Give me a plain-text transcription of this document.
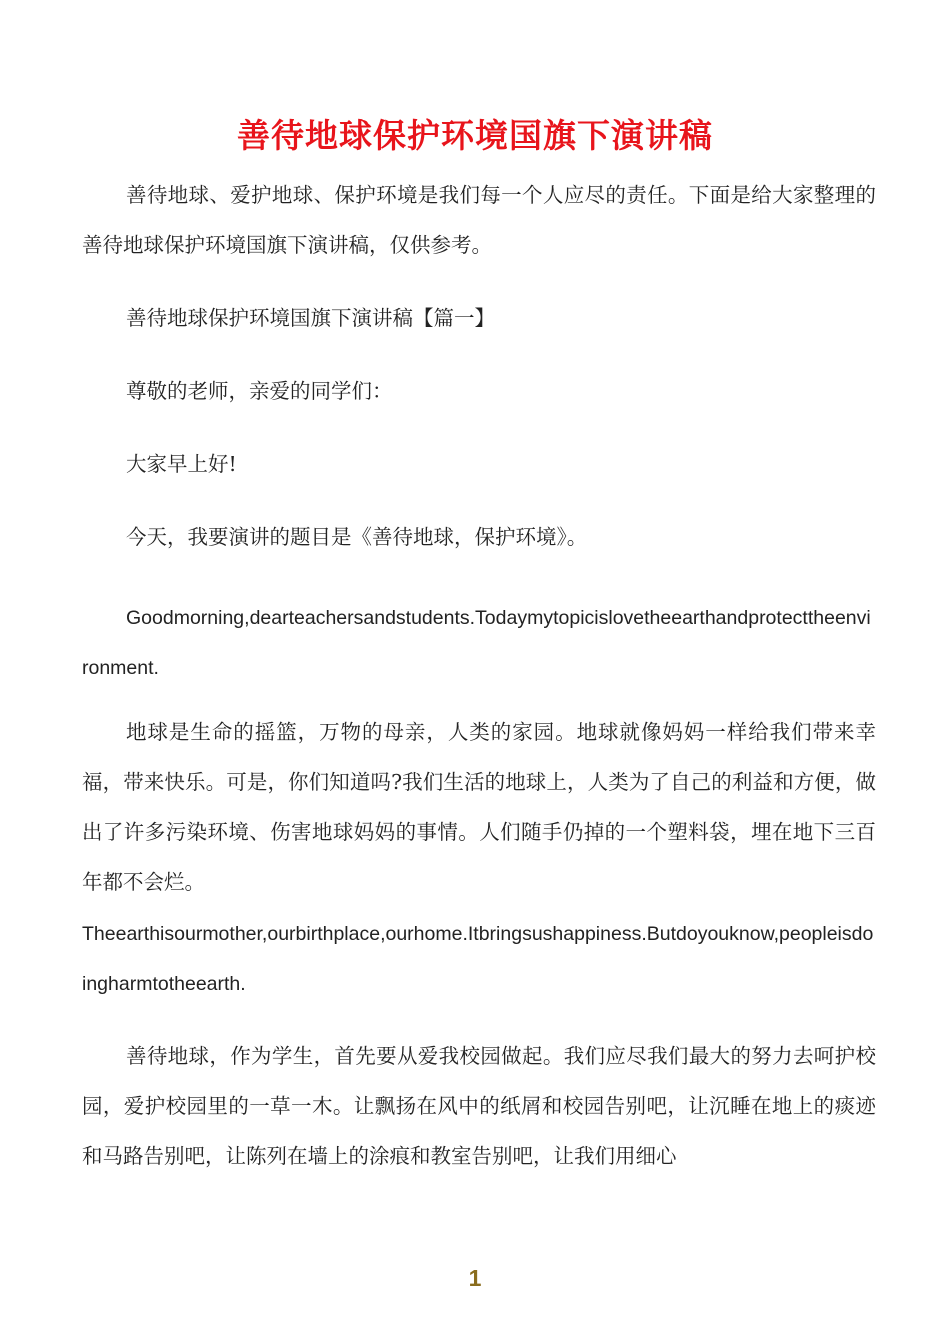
善待地球保护环境国旗下演讲稿

善待地球、爱护地球、保护环境是我们每一个人应尽的责任。下面是给大家整理的善待地球保护环境国旗下演讲稿，仅供参考。

善待地球保护环境国旗下演讲稿【篇一】

尊敬的老师，亲爱的同学们：

大家早上好!

今天，我要演讲的题目是《善待地球，保护环境》。

Goodmorning,dearteachersandstudents.Todaymytopicisloveth​eearthandprotecttheenvironment.

地球是生命的摇篮，万物的母亲，人类的家园。地球就像妈妈一样给我们带来幸福，带来快乐。可是，你们知道吗?我们生活的地球上，人类为了自己的利益和方便，做出了许多污染环境、伤害地球妈妈的事情。人们随手仍掉的一个塑料袋，埋在地下三百年都不会烂。

Theearthisourmother,ourbirthplace,ourhome.Itbringsushappiness.Butdoyouknow,peopleisdoingharmtotheearth.

善待地球，作为学生，首先要从爱我校园做起。我们应尽我们最大的努力去呵护校园，爱护校园里的一草一木。让飘扬在风中的纸屑和校园告别吧，让沉睡在地上的痰迹和马路告别吧，让陈列在墙上的涂痕和教室告别吧，让我们用细心

1
